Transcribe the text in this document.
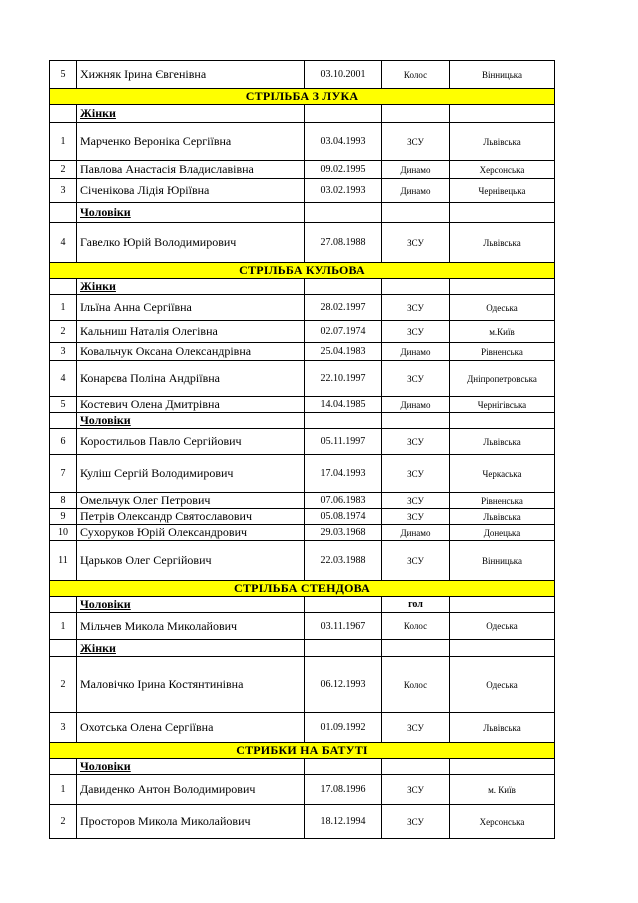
5	Хижняк Ірина Євгенівна	03.10.2001	Колос	Вінницька
СТРІЛЬБА З ЛУКА				
	Жінки			
1	Марченко Вероніка Сергіївна	03.04.1993	ЗСУ	Львівська
2	Павлова Анастасія Владиславівна	09.02.1995	Динамо	Херсонська
3	Січенікова Лідія Юріївна	03.02.1993	Динамо	Чернівецька
	Чоловіки			
4	Гавелко Юрій Володимирович	27.08.1988	ЗСУ	Львівська
СТРІЛЬБА КУЛЬОВА				
	Жінки			
1	Ільїна Анна Сергіївна	28.02.1997	ЗСУ	Одеська
2	Кальниш Наталія Олегівна	02.07.1974	ЗСУ	м.Київ
3	Ковальчук Оксана Олександрівна	25.04.1983	Динамо	Рівненська
4	Конарєва Поліна Андріївна	22.10.1997	ЗСУ	Дніпропетровська
5	Костевич Олена Дмитрівна	14.04.1985	Динамо	Чернігівська
	Чоловіки			
6	Коростильов Павло Сергійович	05.11.1997	ЗСУ	Львівська
7	Куліш Сергій Володимирович	17.04.1993	ЗСУ	Черкаська
8	Омельчук Олег Петрович	07.06.1983	ЗСУ	Рівненська
9	Петрів Олександр Святославович	05.08.1974	ЗСУ	Львівська
10	Сухоруков Юрій Олександрович	29.03.1968	Динамо	Донецька
11	Царьков Олег Сергійович	22.03.1988	ЗСУ	Вінницька
СТРІЛЬБА СТЕНДОВА				
	Чоловіки		гол	
1	Мільчев Микола Миколайович	03.11.1967	Колос	Одеська
	Жінки			
2	Маловічко Ірина Костянтинівна	06.12.1993	Колос	Одеська
3	Охотська Олена Сергіївна	01.09.1992	ЗСУ	Львівська
СТРИБКИ НА БАТУТІ				
	Чоловіки			
1	Давиденко Антон Володимирович	17.08.1996	ЗСУ	м. Київ
2	Просторов Микола Миколайович	18.12.1994	ЗСУ	Херсонська
